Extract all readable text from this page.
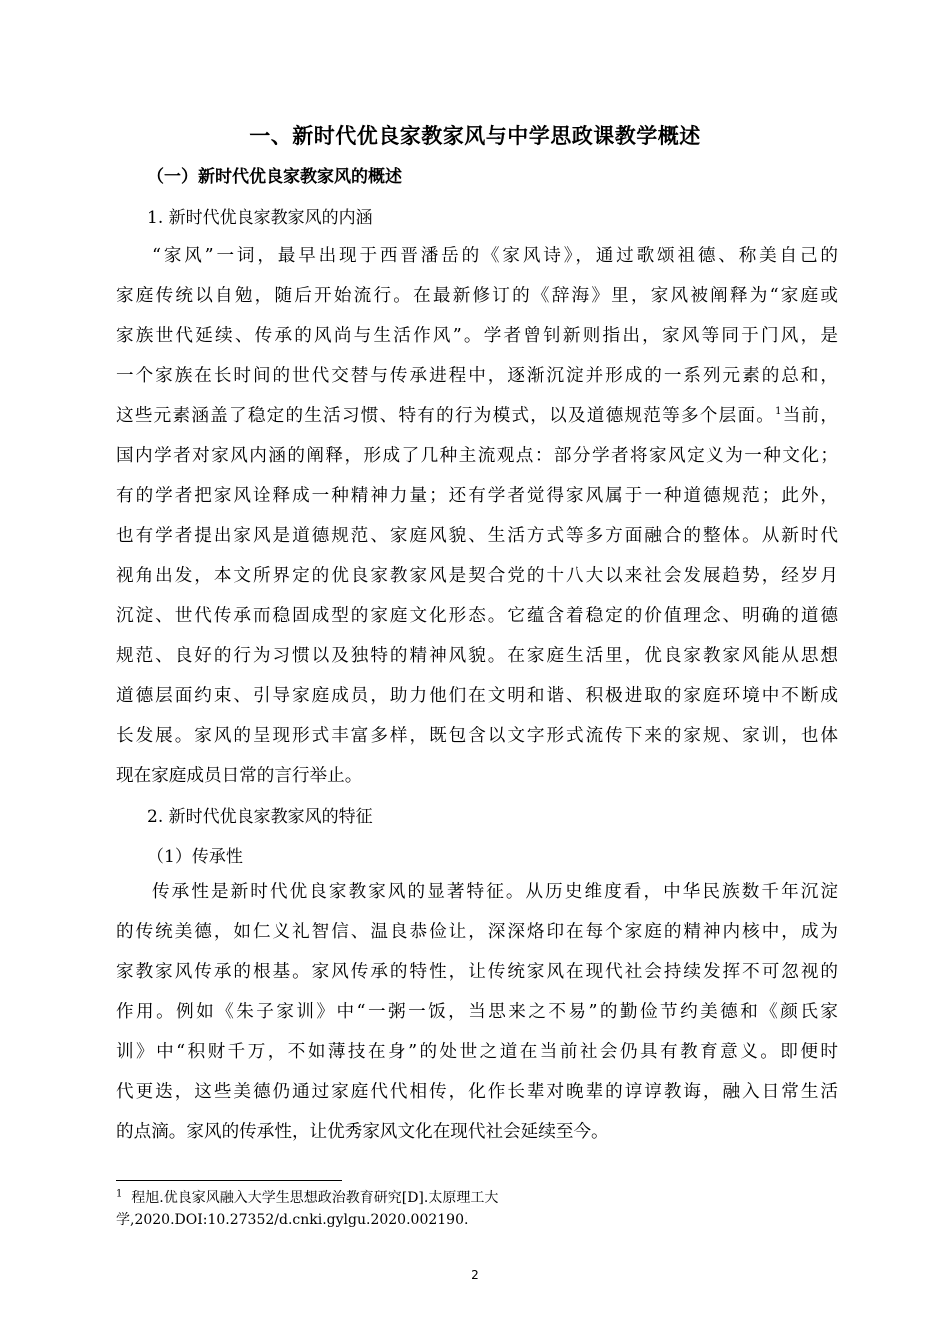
一、新时代优良家教家风与中学思政课教学概述
（一）新时代优良家教家风的概述
1. 新时代优良家教家风的内涵
“家风”一词，最早出现于西晋潘岳的《家风诗》，通过歌颂祖德、称美自己的
家庭传统以自勉，随后开始流行。在最新修订的《辞海》里，家风被阐释为“家庭或
家族世代延续、传承的风尚与生活作风”。学者曾钊新则指出，家风等同于门风，是
一个家族在长时间的世代交替与传承进程中，逐渐沉淀并形成的一系列元素的总和，
这些元素涵盖了稳定的生活习惯、特有的行为模式，以及道德规范等多个层面。$^1$当前，
国内学者对家风内涵的阐释，形成了几种主流观点：部分学者将家风定义为一种文化；
有的学者把家风诠释成一种精神力量；还有学者觉得家风属于一种道德规范；此外，
也有学者提出家风是道德规范、家庭风貌、生活方式等多方面融合的整体。从新时代
视角出发，本文所界定的优良家教家风是契合党的十八大以来社会发展趋势，经岁月
沉淀、世代传承而稳固成型的家庭文化形态。它蕴含着稳定的价值理念、明确的道德
规范、良好的行为习惯以及独特的精神风貌。在家庭生活里，优良家教家风能从思想
道德层面约束、引导家庭成员，助力他们在文明和谐、积极进取的家庭环境中不断成
长发展。家风的呈现形式丰富多样，既包含以文字形式流传下来的家规、家训，也体
现在家庭成员日常的言行举止。
2. 新时代优良家教家风的特征
（1）传承性
传承性是新时代优良家教家风的显著特征。从历史维度看，中华民族数千年沉淀
的传统美德，如仁义礼智信、温良恭俭让，深深烙印在每个家庭的精神内核中，成为
家教家风传承的根基。家风传承的特性，让传统家风在现代社会持续发挥不可忽视的
作用。例如《朱子家训》中“一粥一饭，当思来之不易”的勤俭节约美德和《颜氏家
训》中“积财千万，不如薄技在身”的处世之道在当前社会仍具有教育意义。即便时
代更迭，这些美德仍通过家庭代代相传，化作长辈对晚辈的谆谆教诲，融入日常生活
的点滴。家风的传承性，让优秀家风文化在现代社会延续至今。
$^1$ 程旭.优良家风融入大学生思想政治教育研究[D].太原理工大
学,2020.DOI:10.27352/d.cnki.gylgu.2020.002190.
2
